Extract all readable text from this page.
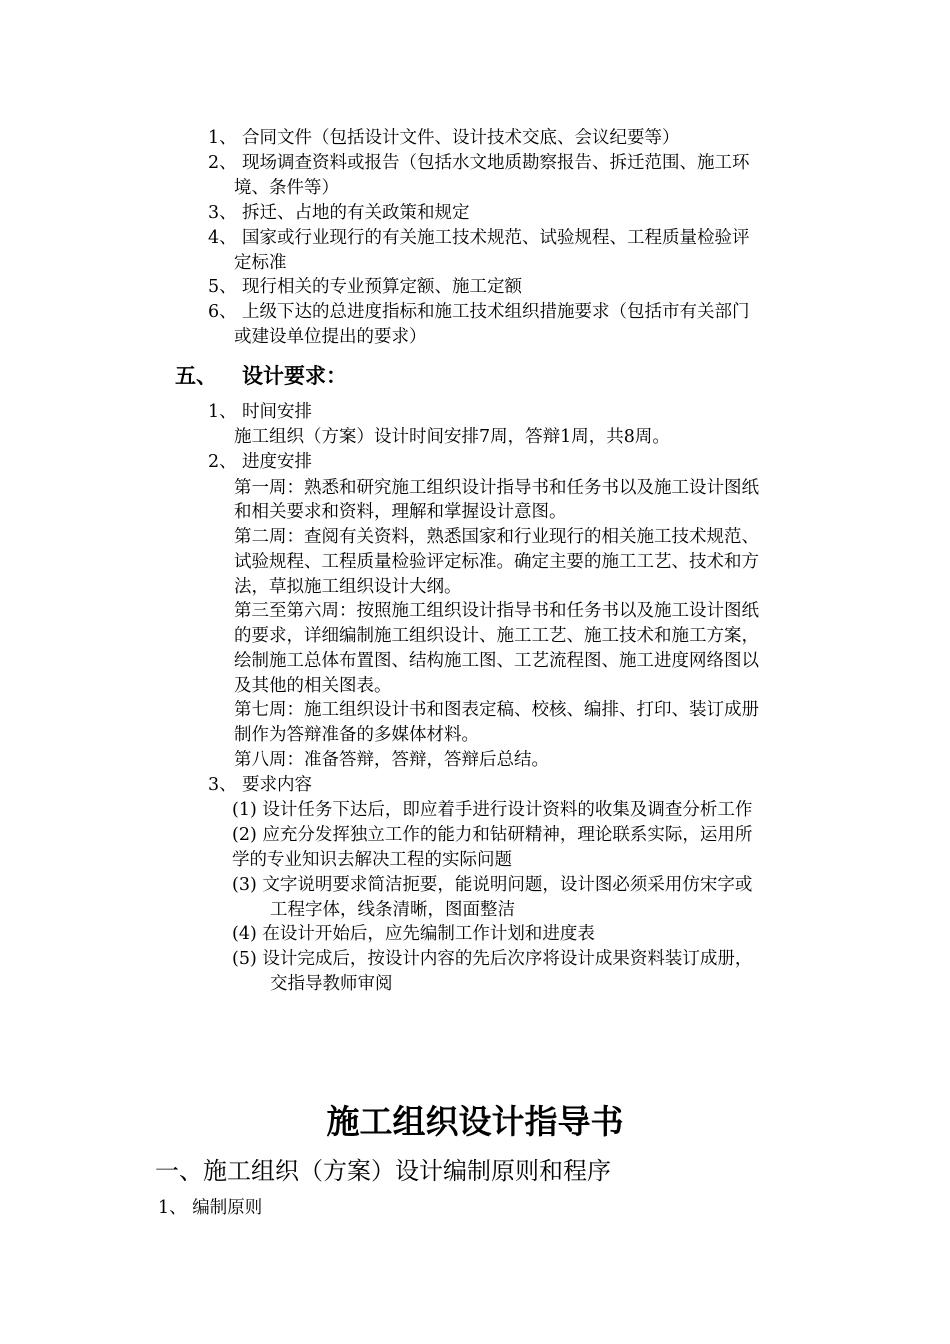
1、 合同文件（包括设计文件、设计技术交底、会议纪要等）
2、 现场调查资料或报告（包括水文地质勘察报告、拆迁范围、施工环
境、条件等）
3、 拆迁、占地的有关政策和规定
4、 国家或行业现行的有关施工技术规范、试验规程、工程质量检验评
定标准
5、 现行相关的专业预算定额、施工定额
6、 上级下达的总进度指标和施工技术组织措施要求（包括市有关部门
或建设单位提出的要求）
五、 设计要求：
1、 时间安排
施工组织（方案）设计时间安排7周，答辩1周，共8周。
2、 进度安排
第一周：熟悉和研究施工组织设计指导书和任务书以及施工设计图纸
和相关要求和资料，理解和掌握设计意图。
第二周：查阅有关资料，熟悉国家和行业现行的相关施工技术规范、
试验规程、工程质量检验评定标准。确定主要的施工工艺、技术和方
法，草拟施工组织设计大纲。
第三至第六周：按照施工组织设计指导书和任务书以及施工设计图纸
的要求，详细编制施工组织设计、施工工艺、施工技术和施工方案，
绘制施工总体布置图、结构施工图、工艺流程图、施工进度网络图以
及其他的相关图表。
第七周：施工组织设计书和图表定稿、校核、编排、打印、装订成册
制作为答辩准备的多媒体材料。
第八周：准备答辩，答辩，答辩后总结。
3、 要求内容
(1) 设计任务下达后，即应着手进行设计资料的收集及调查分析工作
(2) 应充分发挥独立工作的能力和钻研精神，理论联系实际，运用所
学的专业知识去解决工程的实际问题
(3) 文字说明要求简洁扼要，能说明问题，设计图必须采用仿宋字或
工程字体，线条清晰，图面整洁
(4) 在设计开始后，应先编制工作计划和进度表
(5) 设计完成后，按设计内容的先后次序将设计成果资料装订成册，
交指导教师审阅
施工组织设计指导书
一、施工组织（方案）设计编制原则和程序
1、 编制原则
